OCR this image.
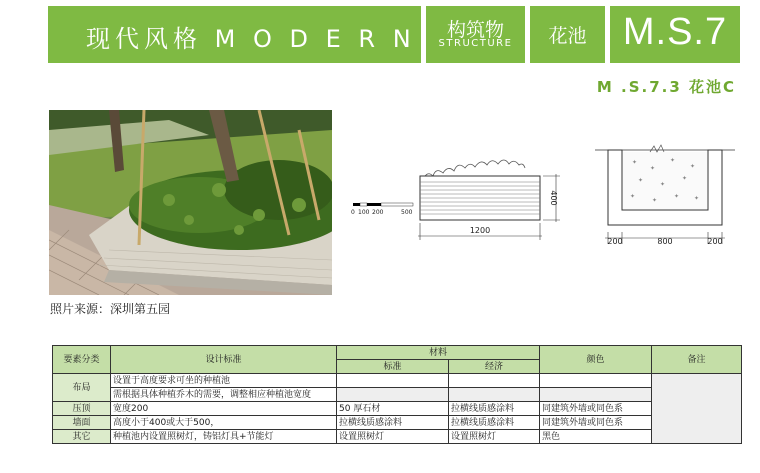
现代风格 M O D E R N	构筑物
STRUCTURE	花池 M.S.7
M .S.7.3 花池C
照片来源：深圳第五园
0 100 200	500
1200
400
✦
✦
✦
✦
✦
✦
✦
✦
✦
✦ ✦
200	800	200
要素分类	设计标准	材料		颜色	备注
		标准	经济		
布局	设置于高度要求可坐的种植池				
	需根据具体种植乔木的需要，调整相应种植池宽度				
压顶	宽度200	50 厚石材	拉横线质感涂料	同建筑外墙或同色系	
墙面	高度小于400或大于500，	拉横线质感涂料	拉横线质感涂料	同建筑外墙或同色系	
其它	种植池内设置照树灯，铸铝灯具+节能灯	设置照树灯	设置照树灯	黑色	
